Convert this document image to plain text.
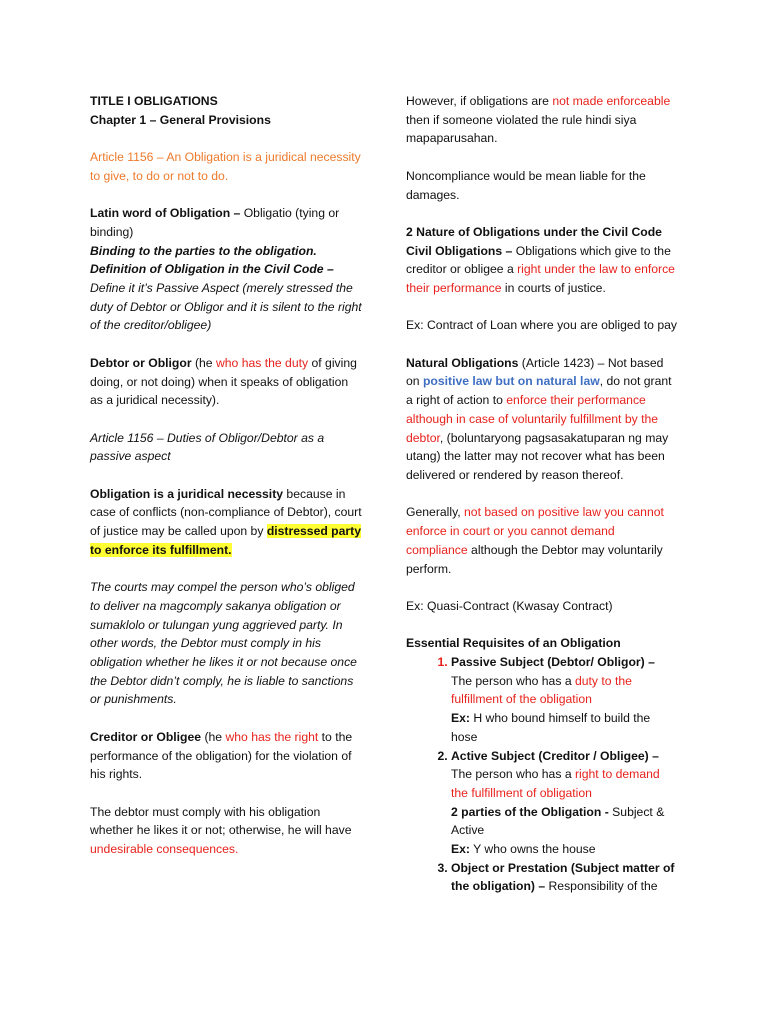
TITLE I OBLIGATIONS

Chapter 1 – General Provisions

Article 1156 – An Obligation is a juridical necessity to give, to do or not to do.

Latin word of Obligation – Obligatio (tying or binding)

Binding to the parties to the obligation.

Definition of Obligation in the Civil Code –

Define it it’s Passive Aspect (merely stressed the duty of Debtor or Obligor and it is silent to the right of the creditor/obligee)

Debtor or Obligor (he who has the duty of giving doing, or not doing) when it speaks of obligation as a juridical necessity).

Article 1156 – Duties of Obligor/Debtor as a passive aspect

Obligation is a juridical necessity because in case of conflicts (non-compliance of Debtor), court of justice may be called upon by distressed party to enforce its fulfillment.

The courts may compel the person who’s obliged to deliver na magcomply sakanya obligation or sumaklolo or tulungan yung aggrieved party. In other words, the Debtor must comply in his obligation whether he likes it or not because once the Debtor didn’t comply, he is liable to sanctions or punishments.

Creditor or Obligee (he who has the right to the performance of the obligation) for the violation of his rights.

The debtor must comply with his obligation whether he likes it or not; otherwise, he will have undesirable consequences.

However, if obligations are not made enforceable then if someone violated the rule hindi siya mapaparusahan.

Noncompliance would be mean liable for the damages.

2 Nature of Obligations under the Civil Code

Civil Obligations – Obligations which give to the creditor or obligee a right under the law to enforce their performance in courts of justice.

Ex: Contract of Loan where you are obliged to pay

Natural Obligations (Article 1423) – Not based on positive law but on natural law, do not grant a right of action to enforce their performance although in case of voluntarily fulfillment by the debtor, (boluntaryong pagsasakatuparan ng may utang) the latter may not recover what has been delivered or rendered by reason thereof.

Generally, not based on positive law you cannot enforce in court or you cannot demand compliance although the Debtor may voluntarily perform.

Ex: Quasi-Contract (Kwasay Contract)

Essential Requisites of an Obligation

1. Passive Subject (Debtor/ Obligor) – The person who has a duty to the fulfillment of the obligation
Ex: H who bound himself to build the hose
2. Active Subject (Creditor / Obligee) – The person who has a right to demand the fulfillment of obligation
2 parties of the Obligation - Subject & Active
Ex: Y who owns the house
3. Object or Prestation (Subject matter of the obligation) – Responsibility of the
